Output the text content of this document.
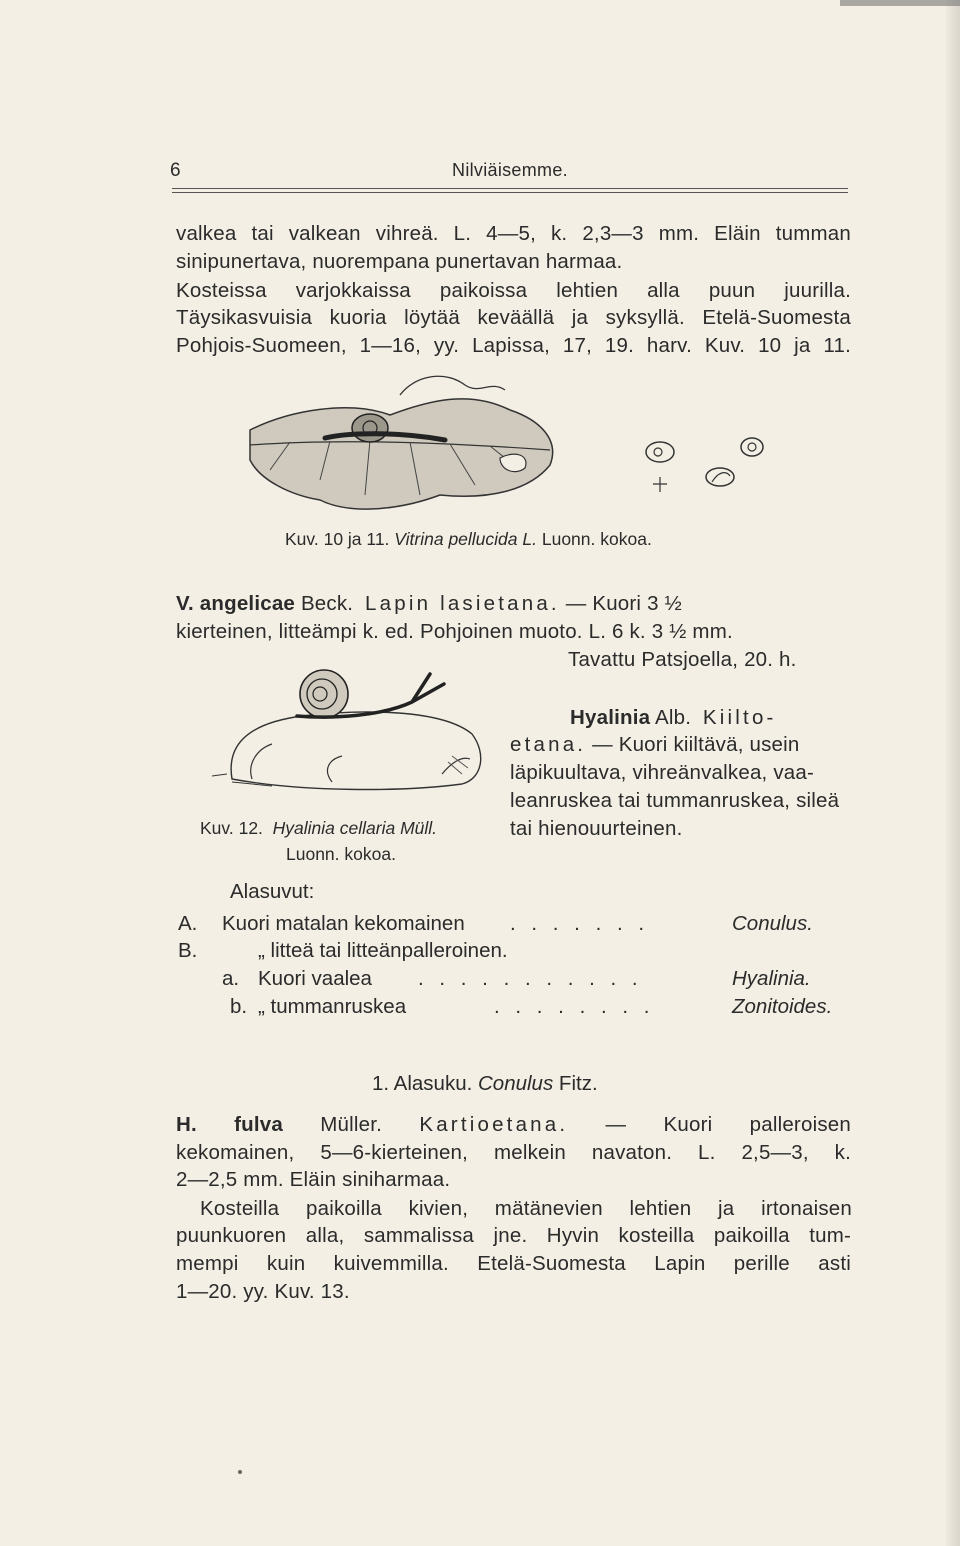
6	Nilviäisemme.
valkea tai valkean vihreä. L. 4—5, k. 2,3—3 mm. Eläin tumman
sinipunertava, nuorempana punertavan harmaa.
Kosteissa varjokkaissa paikoissa lehtien alla puun juurilla.
Täysikasvuisia kuoria löytää keväällä ja syksyllä. Etelä-Suomesta
Pohjois-Suomeen, 1—16, yy. Lapissa, 17, 19. harv. Kuv. 10 ja 11.
Kuv. 10 ja 11. Vitrina pellucida L. Luonn. kokoa.
V. angelicae Beck. Lapin lasietana. — Kuori 3 ½
kierteinen, litteämpi k. ed. Pohjoinen muoto. L. 6 k. 3 ½ mm.
Tavattu Patsjoella, 20. h.
Hyalinia Alb. Kiilto-
etana. — Kuori kiiltävä, usein
läpikuultava, vihreänvalkea, vaa-
leanruskea tai tummanruskea, sileä
tai hienouurteinen.
Kuv. 12. Hyalinia cellaria Müll.
Luonn. kokoa.
Alasuvut:
A. Kuori matalan kekomainen . . . . . . .	Conulus.
B.	„ litteä tai litteänpalleroinen.
a. Kuori vaalea . . . . . . . . . . .	Hyalinia.
b. „ tummanruskea	. . . . . . . .	Zonitoides.
1. Alasuku. Conulus Fitz.
H. fulva Müller. Kartioetana. — Kuori palleroisen
kekomainen, 5—6-kierteinen, melkein navaton. L. 2,5—3, k.
2—2,5 mm. Eläin siniharmaa.
Kosteilla paikoilla kivien, mätänevien lehtien ja irtonaisen
puunkuoren alla, sammalissa jne. Hyvin kosteilla paikoilla tum-
mempi kuin kuivemmilla. Etelä-Suomesta Lapin perille asti
1—20. yy. Kuv. 13.
